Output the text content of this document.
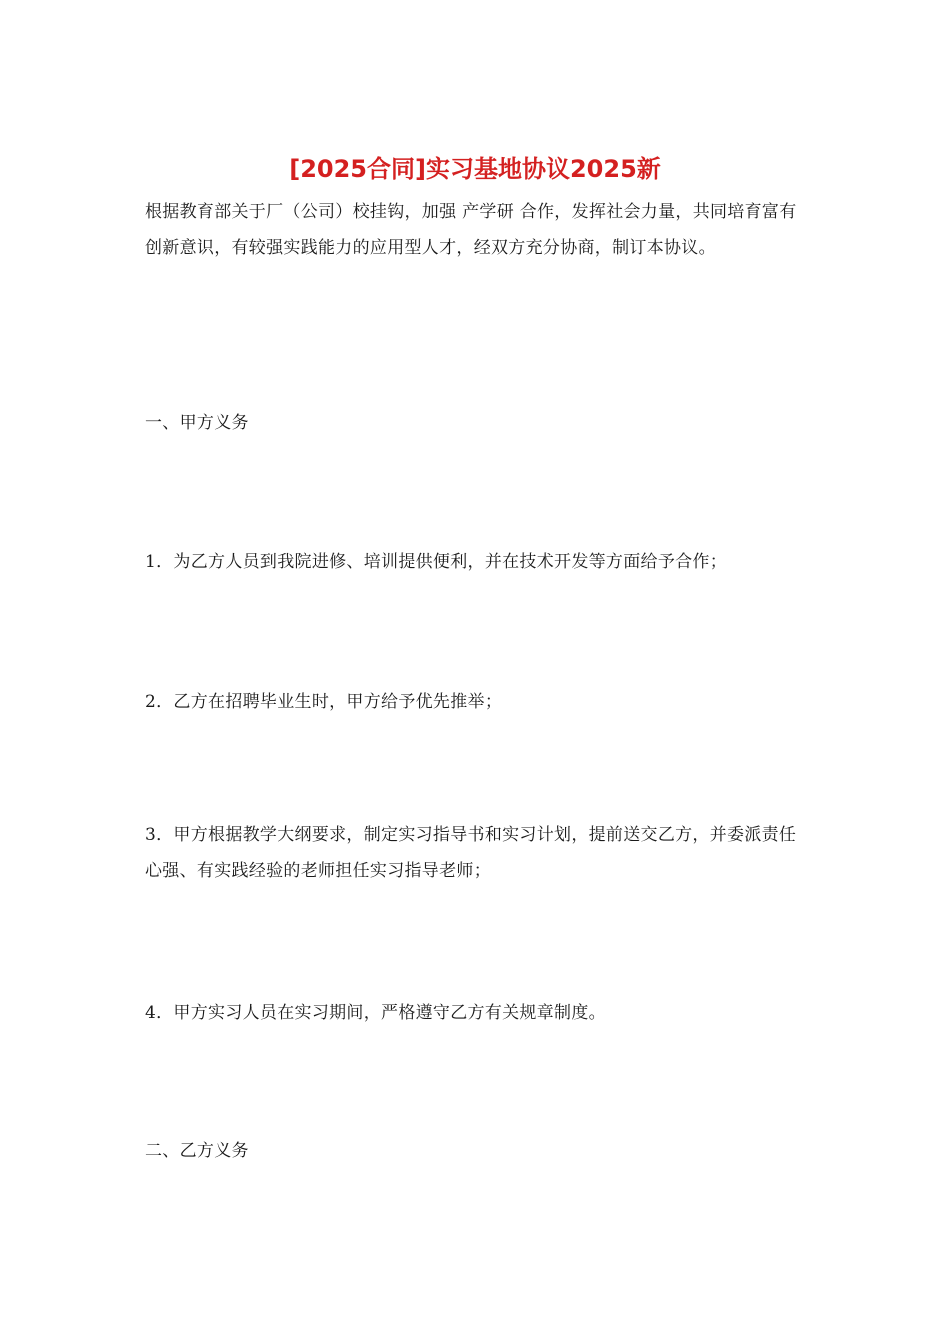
[2025合同]实习基地协议2025新

根据教育部关于厂（公司）校挂钩，加强 产学研 合作，发挥社会力量，共同培育富有创新意识，有较强实践能力的应用型人才，经双方充分协商，制订本协议。

一、甲方义务

1．为乙方人员到我院进修、培训提供便利，并在技术开发等方面给予合作；

2．乙方在招聘毕业生时，甲方给予优先推举；

3．甲方根据教学大纲要求，制定实习指导书和实习计划，提前送交乙方，并委派责任心强、有实践经验的老师担任实习指导老师；

4．甲方实习人员在实习期间，严格遵守乙方有关规章制度。

二、乙方义务
